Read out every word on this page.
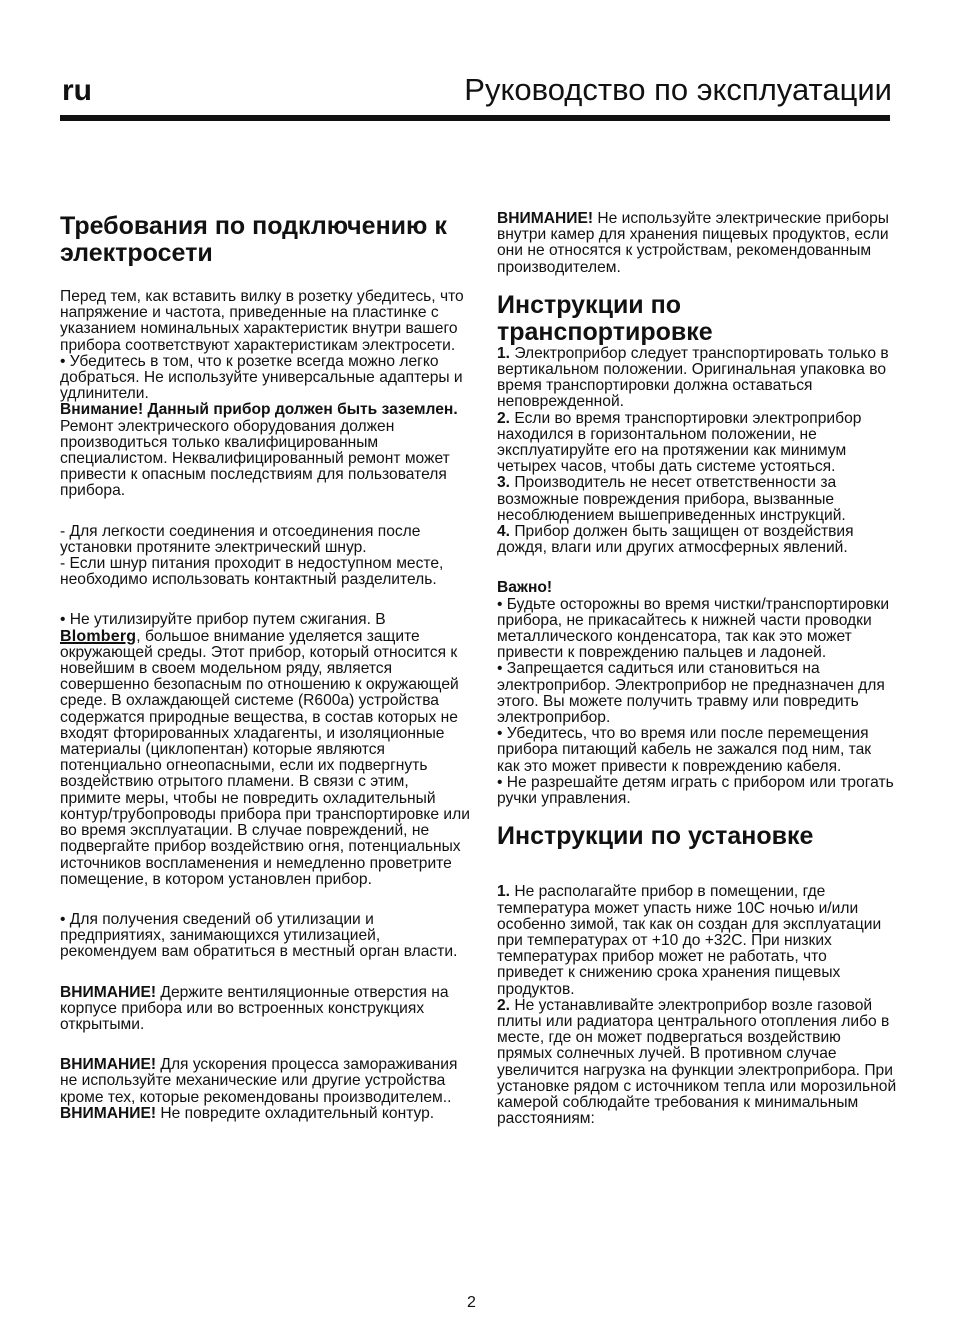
ru	Руководство по эксплуатации
Требования по подключению к электросети

Перед тем, как вставить вилку в розетку убедитесь, что напряжение и частота, приведенные на пластинке с указанием номинальных характеристик внутри вашего прибора соответствуют характеристикам электросети.

• Убедитесь в том, что к розетке всегда можно легко добраться. Не используйте универсальные адаптеры и удлинители.

Внимание! Данный прибор должен быть заземлен.

Ремонт электрического оборудования должен производиться только квалифицированным специалистом. Неквалифицированный ремонт может привести к опасным последствиям для пользователя прибора.

- Для легкости соединения и отсоединения после установки протяните электрический шнур.

- Если шнур питания проходит в недоступном месте, необходимо использовать контактный разделитель.

• Не утилизируйте прибор путем сжигания. В
Blomberg, большое внимание уделяется защите окружающей среды. Этот прибор, который относится к новейшим в своем модельном ряду, является совершенно безопасным по отношению к окружающей среде. В охлаждающей системе (R600a) устройства содержатся природные вещества, в состав которых не входят фторированных хладагенты, и изоляционные материалы (циклопентан) которые являются потенциально огнеопасными, если их подвергнуть воздействию отрытого пламени. В связи с этим, примите меры, чтобы не повредить охладительный контур/трубопроводы прибора при транспортировке или во время эксплуатации. В случае повреждений, не подвергайте прибор воздействию огня, потенциальных источников воспламенения и немедленно проветрите помещение, в котором установлен прибор.

• Для получения сведений об утилизации и предприятиях, занимающихся утилизацией, рекомендуем вам обратиться в местный орган власти.

ВНИМАНИЕ! Держите вентиляционные отверстия на корпусе прибора или во встроенных конструкциях открытыми.

ВНИМАНИЕ! Для ускорения процесса замораживания не используйте механические или другие устройства кроме тех, которые рекомендованы производителем..

ВНИМАНИЕ! Не повредите охладительный контур.

ВНИМАНИЕ! Не используйте электрические приборы внутри камер для хранения пищевых продуктов, если они не относятся к устройствам, рекомендованным производителем.

Инструкции по транспортировке

1. Электроприбор следует транспортировать только в вертикальном положении. Оригинальная упаковка во время транспортировки должна оставаться неповрежденной.

2. Если во время транспортировки электроприбор находился в горизонтальном положении, не эксплуатируйте его на протяжении как минимум четырех часов, чтобы дать системе устояться.

3. Производитель не несет ответственности за возможные повреждения прибора, вызванные несоблюдением вышеприведенных инструкций.

4. Прибор должен быть защищен от воздействия дождя, влаги или других атмосферных явлений.

Важно!

• Будьте осторожны во время чистки/транспортировки прибора, не прикасайтесь к нижней части проводки металлического конденсатора, так как это может привести к повреждению пальцев и ладоней.

• Запрещается садиться или становиться на электроприбор. Электроприбор не предназначен для этого. Вы можете получить травму или повредить электроприбор.

• Убедитесь, что во время или после перемещения прибора питающий кабель не зажался под ним, так как это может привести к повреждению кабеля.

• Не разрешайте детям играть с прибором или трогать ручки управления.

Инструкции по установке

1. Не располагайте прибор в помещении, где температура может упасть ниже 10С ночью и/или особенно зимой, так как он создан для эксплуатации при температурах от +10 до +32С. При низких температурах прибор может не работать, что приведет к снижению срока хранения пищевых продуктов.

2. Не устанавливайте электроприбор возле газовой плиты или радиатора центрального отопления либо в месте, где он может подвергаться воздействию прямых солнечных лучей. В противном случае увеличится нагрузка на функции электроприбора. При установке рядом с источником тепла или морозильной камерой соблюдайте требования к минимальным расстояниям:

2
